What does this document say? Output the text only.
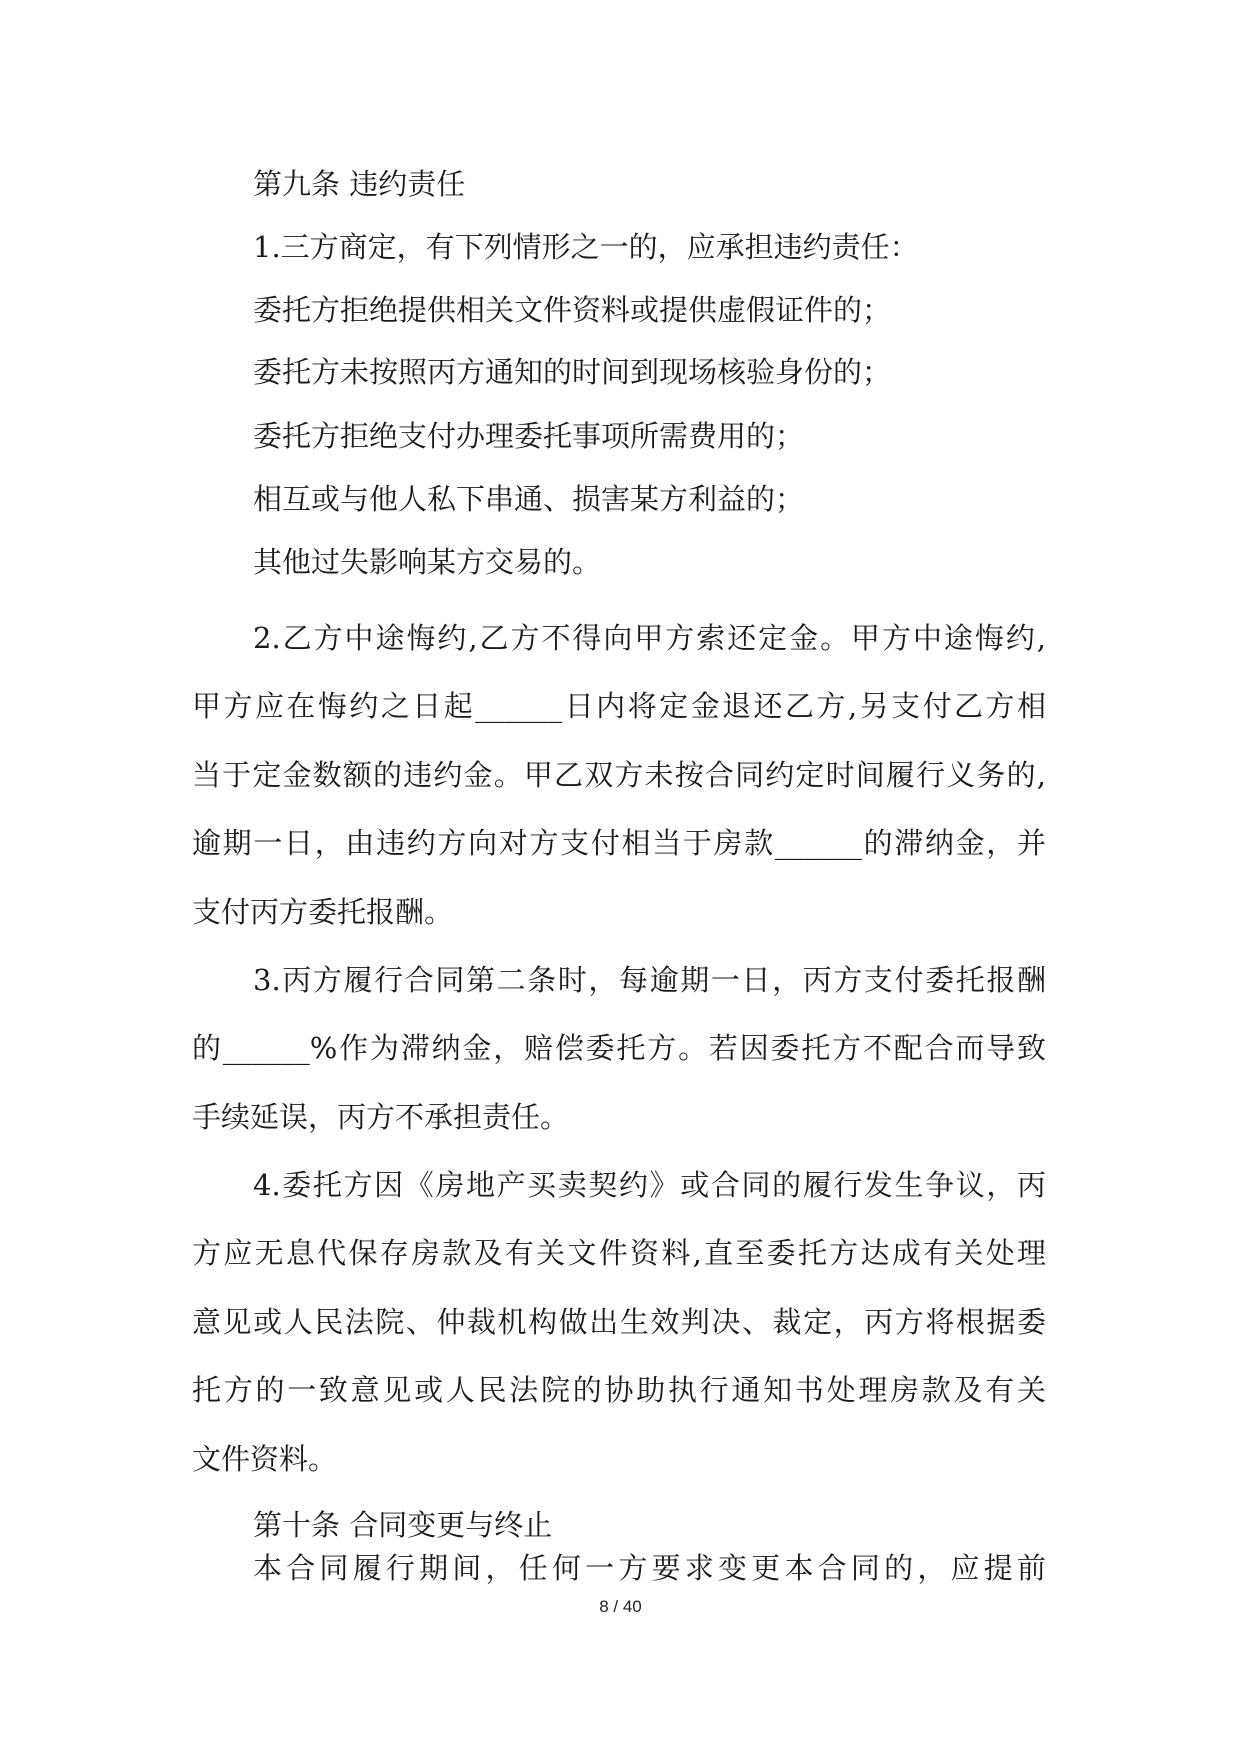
第九条 违约责任
1.三方商定，有下列情形之一的，应承担违约责任：
委托方拒绝提供相关文件资料或提供虚假证件的；
委托方未按照丙方通知的时间到现场核验身份的；
委托方拒绝支付办理委托事项所需费用的；
相互或与他人私下串通、损害某方利益的；
其他过失影响某方交易的。
2.乙方中途悔约,乙方不得向甲方索还定金。甲方中途悔约,
甲方应在悔约之日起______日内将定金退还乙方,另支付乙方相
当于定金数额的违约金。甲乙双方未按合同约定时间履行义务的,
逾期一日，由违约方向对方支付相当于房款______的滞纳金，并
支付丙方委托报酬。
3.丙方履行合同第二条时，每逾期一日，丙方支付委托报酬
的______%作为滞纳金，赔偿委托方。若因委托方不配合而导致
手续延误，丙方不承担责任。
4.委托方因《房地产买卖契约》或合同的履行发生争议，丙
方应无息代保存房款及有关文件资料,直至委托方达成有关处理
意见或人民法院、仲裁机构做出生效判决、裁定，丙方将根据委
托方的一致意见或人民法院的协助执行通知书处理房款及有关
文件资料。
第十条 合同变更与终止
8 / 40
本合同履行期间，任何一方要求变更本合同的，应提前
